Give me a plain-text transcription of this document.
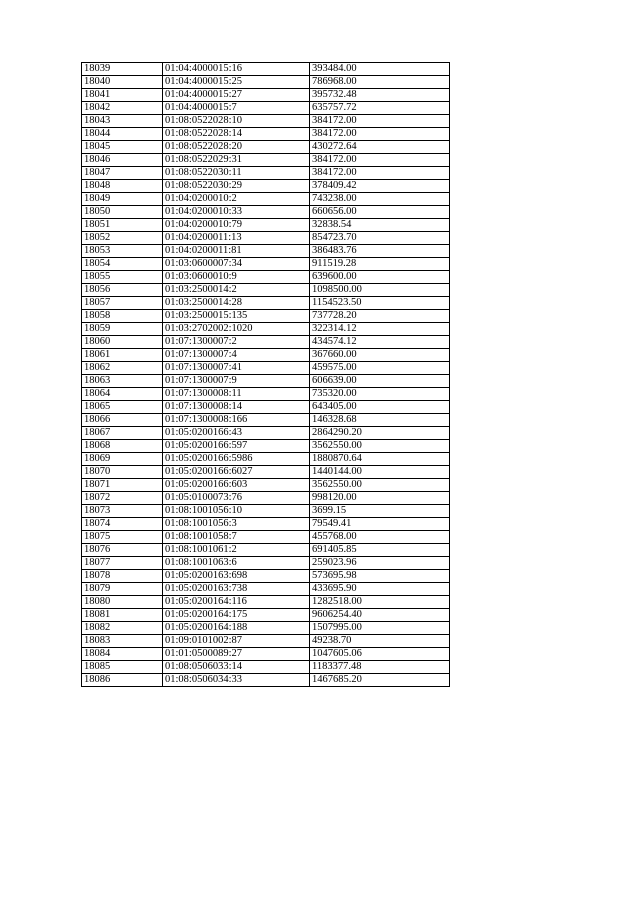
18039	01:04:4000015:16	393484.00
18040	01:04:4000015:25	786968.00
18041	01:04:4000015:27	395732.48
18042	01:04:4000015:7	635757.72
18043	01:08:0522028:10	384172.00
18044	01:08:0522028:14	384172.00
18045	01:08:0522028:20	430272.64
18046	01:08:0522029:31	384172.00
18047	01:08:0522030:11	384172.00
18048	01:08:0522030:29	378409.42
18049	01:04:0200010:2	743238.00
18050	01:04:0200010:33	660656.00
18051	01:04:0200010:79	32838.54
18052	01:04:0200011:13	854723.70
18053	01:04:0200011:81	386483.76
18054	01:03:0600007:34	911519.28
18055	01:03:0600010:9	639600.00
18056	01:03:2500014:2	1098500.00
18057	01:03:2500014:28	1154523.50
18058	01:03:2500015:135	737728.20
18059	01:03:2702002:1020	322314.12
18060	01:07:1300007:2	434574.12
18061	01:07:1300007:4	367660.00
18062	01:07:1300007:41	459575.00
18063	01:07:1300007:9	606639.00
18064	01:07:1300008:11	735320.00
18065	01:07:1300008:14	643405.00
18066	01:07:1300008:166	146328.68
18067	01:05:0200166:43	2864290.20
18068	01:05:0200166:597	3562550.00
18069	01:05:0200166:5986	1880870.64
18070	01:05:0200166:6027	1440144.00
18071	01:05:0200166:603	3562550.00
18072	01:05:0100073:76	998120.00
18073	01:08:1001056:10	3699.15
18074	01:08:1001056:3	79549.41
18075	01:08:1001058:7	455768.00
18076	01:08:1001061:2	691405.85
18077	01:08:1001063:6	259023.96
18078	01:05:0200163:698	573695.98
18079	01:05:0200163:738	433695.90
18080	01:05:0200164:116	1282518.00
18081	01:05:0200164:175	9606254.40
18082	01:05:0200164:188	1507995.00
18083	01:09:0101002:87	49238.70
18084	01:01:0500089:27	1047605.06
18085	01:08:0506033:14	1183377.48
18086	01:08:0506034:33	1467685.20
